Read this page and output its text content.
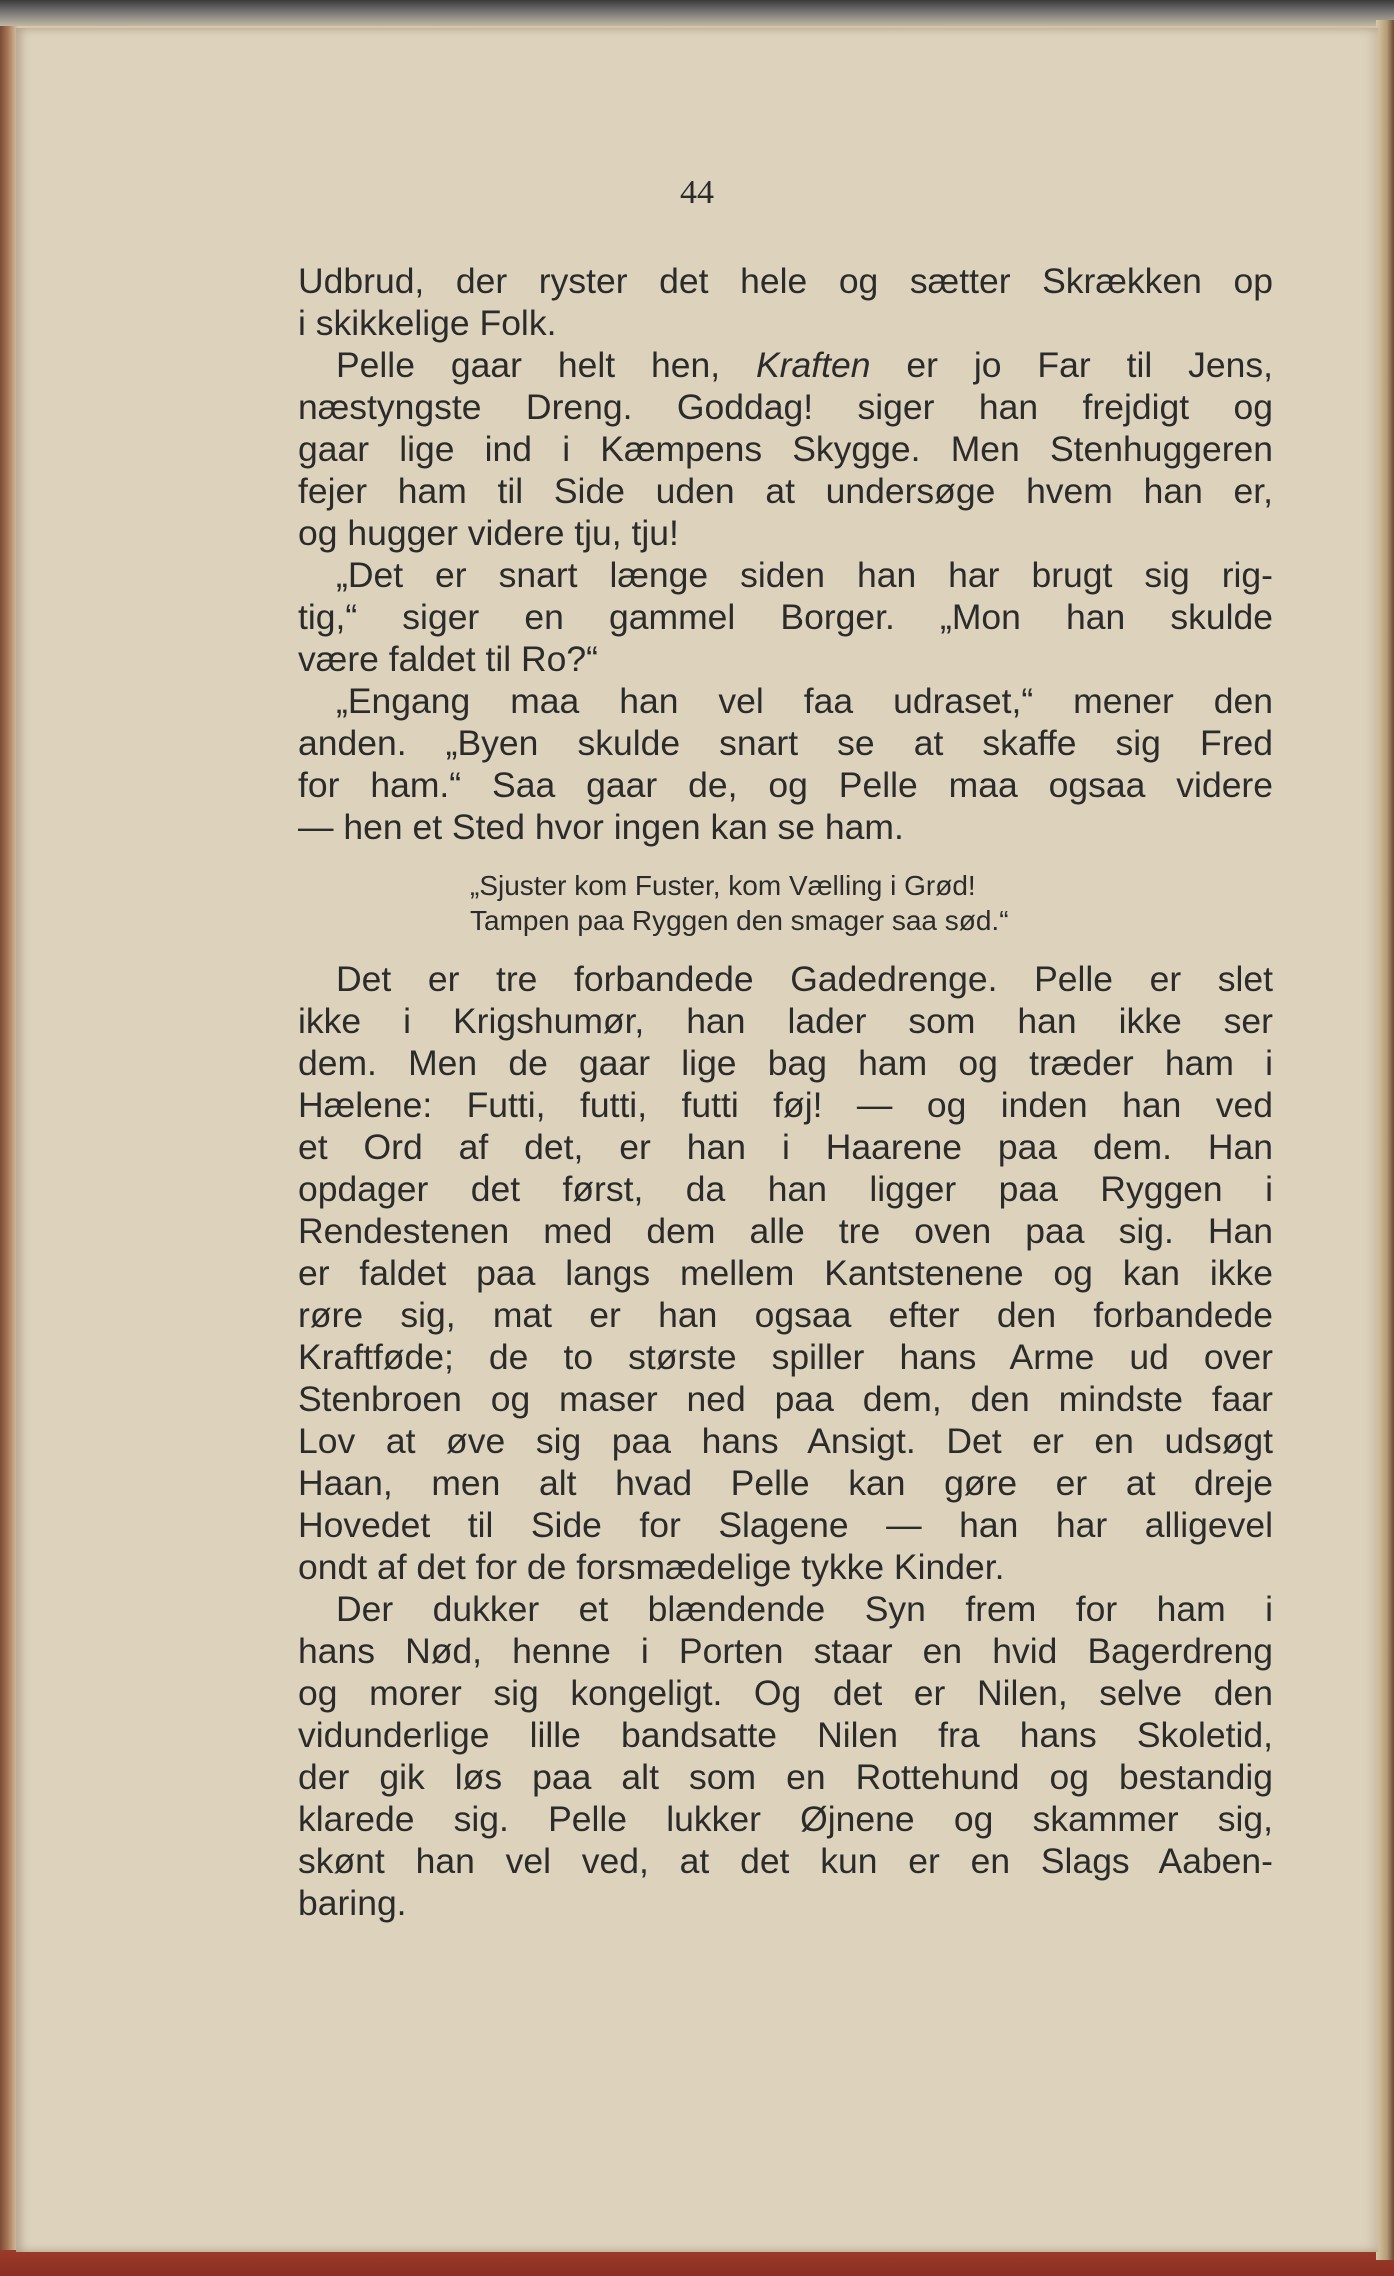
44

Udbrud, der ryster det hele og sætter Skrækken op
i skikkelige Folk.

Pelle gaar helt hen, Kraften er jo Far til Jens,
næstyngste Dreng. Goddag! siger han frejdigt og
gaar lige ind i Kæmpens Skygge. Men Stenhuggeren
fejer ham til Side uden at undersøge hvem han er,
og hugger videre tju, tju!

„Det er snart længe siden han har brugt sig rig-
tig,“ siger en gammel Borger. „Mon han skulde
være faldet til Ro?“

„Engang maa han vel faa udraset,“ mener den
anden. „Byen skulde snart se at skaffe sig Fred
for ham.“ Saa gaar de, og Pelle maa ogsaa videre
— hen et Sted hvor ingen kan se ham.

„Sjuster kom Fuster, kom Vælling i Grød!
Tampen paa Ryggen den smager saa sød.“

Det er tre forbandede Gadedrenge. Pelle er slet
ikke i Krigshumør, han lader som han ikke ser
dem. Men de gaar lige bag ham og træder ham i
Hælene: Futti, futti, futti føj! — og inden han ved
et Ord af det, er han i Haarene paa dem. Han
opdager det først, da han ligger paa Ryggen i
Rendestenen med dem alle tre oven paa sig. Han
er faldet paa langs mellem Kantstenene og kan ikke
røre sig, mat er han ogsaa efter den forbandede
Kraftføde; de to største spiller hans Arme ud over
Stenbroen og maser ned paa dem, den mindste faar
Lov at øve sig paa hans Ansigt. Det er en udsøgt
Haan, men alt hvad Pelle kan gøre er at dreje
Hovedet til Side for Slagene — han har alligevel
ondt af det for de forsmædelige tykke Kinder.

Der dukker et blændende Syn frem for ham i
hans Nød, henne i Porten staar en hvid Bagerdreng
og morer sig kongeligt. Og det er Nilen, selve den
vidunderlige lille bandsatte Nilen fra hans Skoletid,
der gik løs paa alt som en Rottehund og bestandig
klarede sig. Pelle lukker Øjnene og skammer sig,
skønt han vel ved, at det kun er en Slags Aaben-
baring.
